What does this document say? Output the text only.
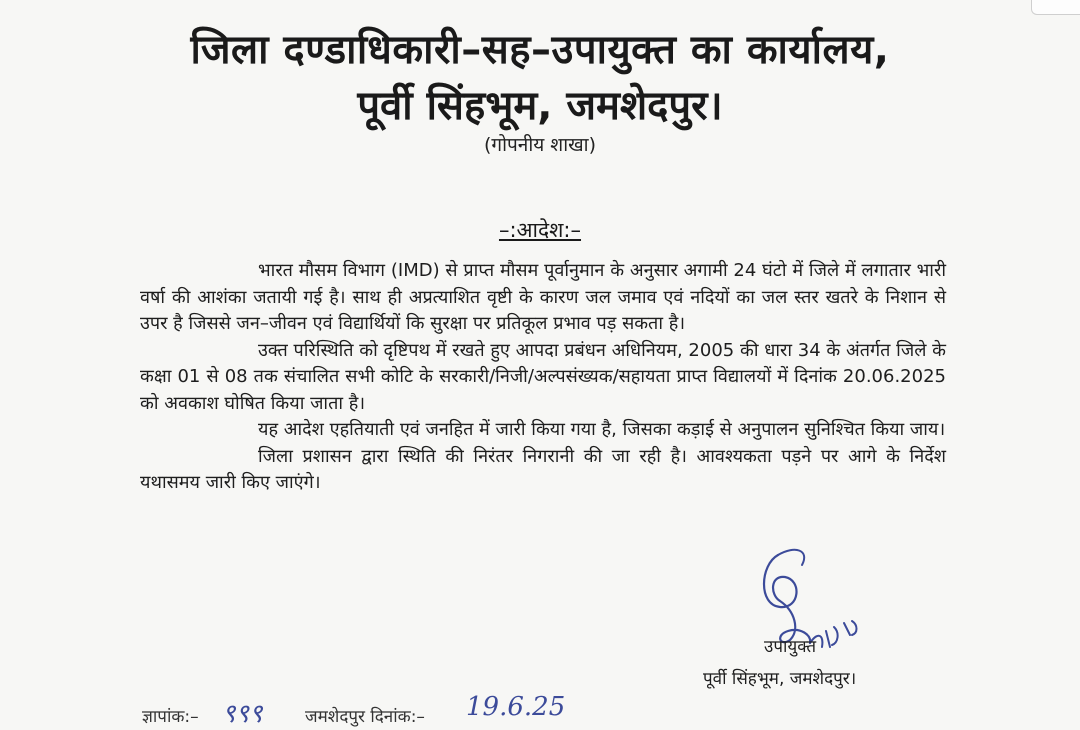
जिला दण्डाधिकारी–सह–उपायुक्त का कार्यालय,
पूर्वी सिंहभूम, जमशेदपुर।
(गोपनीय शाखा)
–:आदेश:–

भारत मौसम विभाग (IMD) से प्राप्त मौसम पूर्वानुमान के अनुसार अगामी 24 घंटो में जिले में लगातार भारी वर्षा की आशंका जतायी गई है। साथ ही अप्रत्याशित वृष्टी के कारण जल जमाव एवं नदियों का जल स्तर खतरे के निशान से उपर है जिससे जन–जीवन एवं विद्यार्थियों कि सुरक्षा पर प्रतिकूल प्रभाव पड़ सकता है।

उक्त परिस्थिति को दृष्टिपथ में रखते हुए आपदा प्रबंधन अधिनियम, 2005 की धारा 34 के अंतर्गत जिले के कक्षा 01 से 08 तक संचालित सभी कोटि के सरकारी/निजी/अल्पसंख्यक/सहायता प्राप्त विद्यालयों में दिनांक 20.06.2025 को अवकाश घोषित किया जाता है।

यह आदेश एहतियाती एवं जनहित में जारी किया गया है, जिसका कड़ाई से अनुपालन सुनिश्चित किया जाय।

जिला प्रशासन द्वारा स्थिति की निरंतर निगरानी की जा रही है। आवश्यकता पड़ने पर आगे के निर्देश यथासमय जारी किए जाएंगे।

उपायुक्त
पूर्वी सिंहभूम, जमशेदपुर।
ज्ञापांक:– ९९९ जमशेदपुर दिनांक:– 19.6.25
